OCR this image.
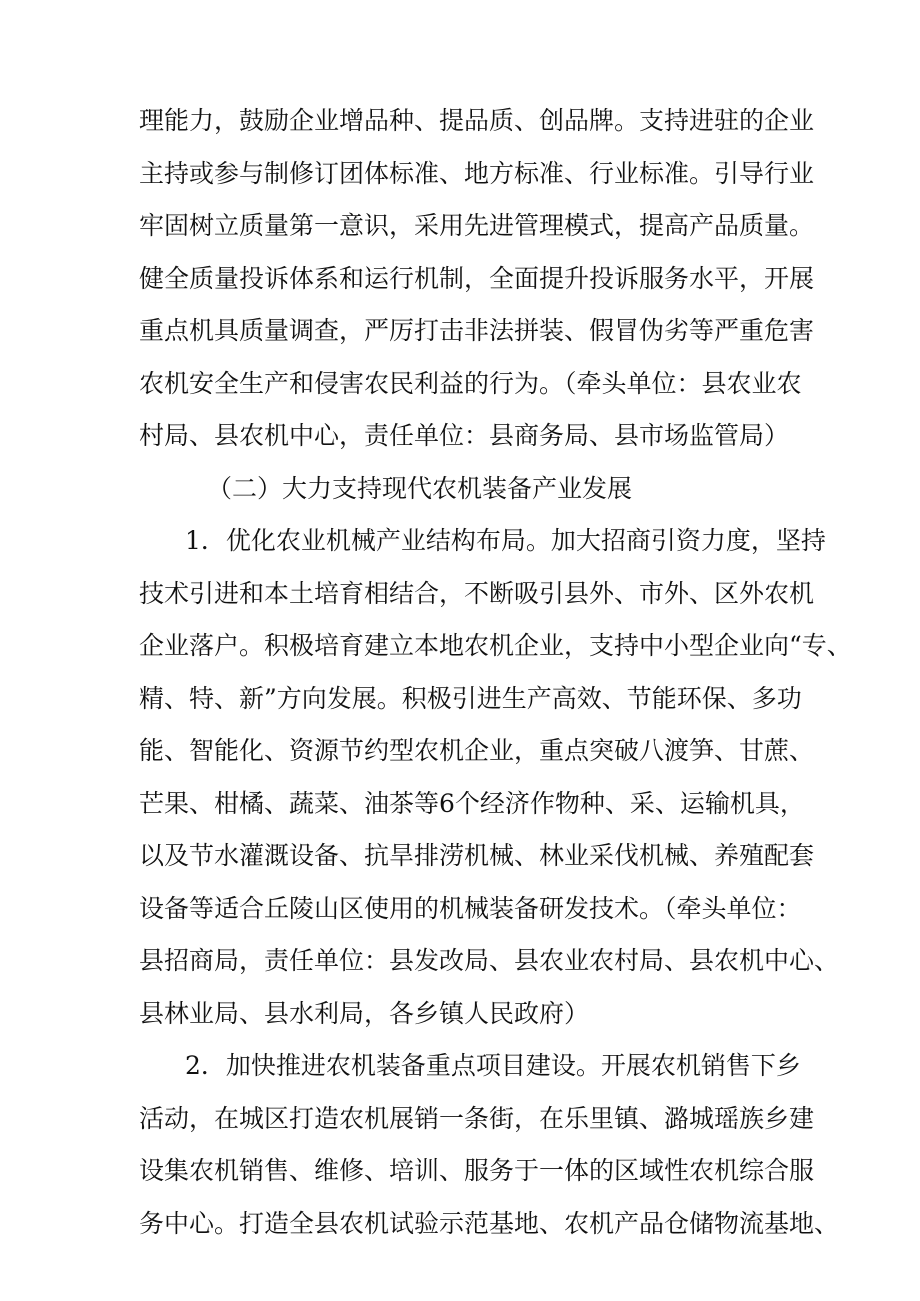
理能力，鼓励企业增品种、提品质、创品牌。支持进驻的企业
主持或参与制修订团体标准、地方标准、行业标准。引导行业
牢固树立质量第一意识，采用先进管理模式，提高产品质量。
健全质量投诉体系和运行机制，全面提升投诉服务水平，开展
重点机具质量调查，严厉打击非法拼装、假冒伪劣等严重危害
农机安全生产和侵害农民利益的行为。（牵头单位：县农业农
村局、县农机中心，责任单位：县商务局、县市场监管局）
（二）大力支持现代农机装备产业发展
1．优化农业机械产业结构布局。加大招商引资力度，坚持
技术引进和本土培育相结合，不断吸引县外、市外、区外农机
企业落户。积极培育建立本地农机企业，支持中小型企业向“专、
精、特、新”方向发展。积极引进生产高效、节能环保、多功
能、智能化、资源节约型农机企业，重点突破八渡笋、甘蔗、
芒果、柑橘、蔬菜、油茶等6个经济作物种、采、运输机具，
以及节水灌溉设备、抗旱排涝机械、林业采伐机械、养殖配套
设备等适合丘陵山区使用的机械装备研发技术。（牵头单位：
县招商局，责任单位：县发改局、县农业农村局、县农机中心、
县林业局、县水利局，各乡镇人民政府）
2．加快推进农机装备重点项目建设。开展农机销售下乡
活动，在城区打造农机展销一条街，在乐里镇、潞城瑶族乡建
设集农机销售、维修、培训、服务于一体的区域性农机综合服
务中心。打造全县农机试验示范基地、农机产品仓储物流基地、
